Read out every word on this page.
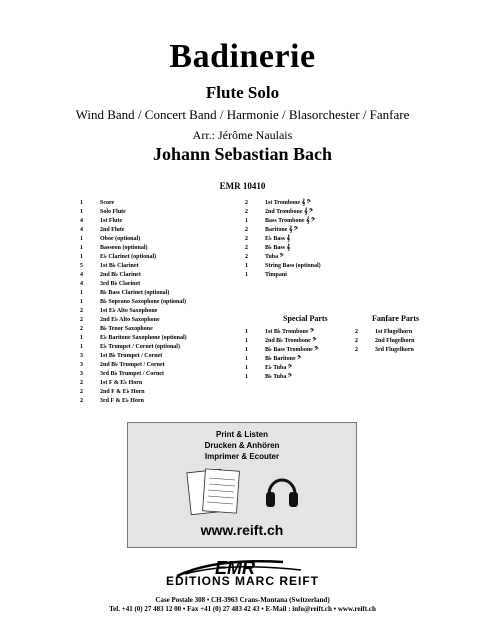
Badinerie
Flute Solo
Wind Band / Concert Band / Harmonie / Blasorchester / Fanfare
Arr.: Jérôme Naulais
Johann Sebastian Bach
EMR 10410
1	Score
1	Solo Flute
4	1st Flute
4	2nd Flute
1	Oboe (optional)
1	Bassoon (optional)
1	E♭ Clarinet (optional)
5	1st B♭ Clarinet
4	2nd B♭ Clarinet
4	3rd B♭ Clarinet
1	B♭ Bass Clarinet (optional)
1	B♭ Soprano Saxophone (optional)
2	1st E♭ Alto Saxophone
2	2nd E♭ Alto Saxophone
2	B♭ Tenor Saxophone
1	E♭ Baritone Saxophone (optional)
1	E♭ Trumpet / Cornet (optional)
3	1st B♭ Trumpet / Cornet
3	2nd B♭ Trumpet / Cornet
3	3rd B♭ Trumpet / Cornet
2	1st F & E♭ Horn
2	2nd F & E♭ Horn
2	3rd F & E♭ Horn
2	1st Trombone 𝄞 𝄢
2	2nd Trombone 𝄞 𝄢
1	Bass Trombone 𝄞 𝄢
2	Baritone 𝄞 𝄢
2	E♭ Bass 𝄞
2	B♭ Bass 𝄞
2	Tuba 𝄢
1	String Bass (optional)
1	Timpani
Special Parts
1	1st B♭ Trombone 𝄢
1	2nd B♭ Trombone 𝄢
1	B♭ Bass Trombone 𝄢
1	B♭ Baritone 𝄢
1	E♭ Tuba 𝄢
1	B♭ Tuba 𝄢
Fanfare Parts
2	1st Flugelhorn
2	2nd Flugelhorn
2	3rd Flugelhorn
Print & Listen
Drucken & Anhören
Imprimer & Ecouter
www.reift.ch
EMR
EDITIONS MARC REIFT
Case Postale 308 • CH-3963 Crans-Montana (Switzerland)
Tel. +41 (0) 27 483 12 00 • Fax +41 (0) 27 483 42 43 • E-Mail : info@reift.ch • www.reift.ch
